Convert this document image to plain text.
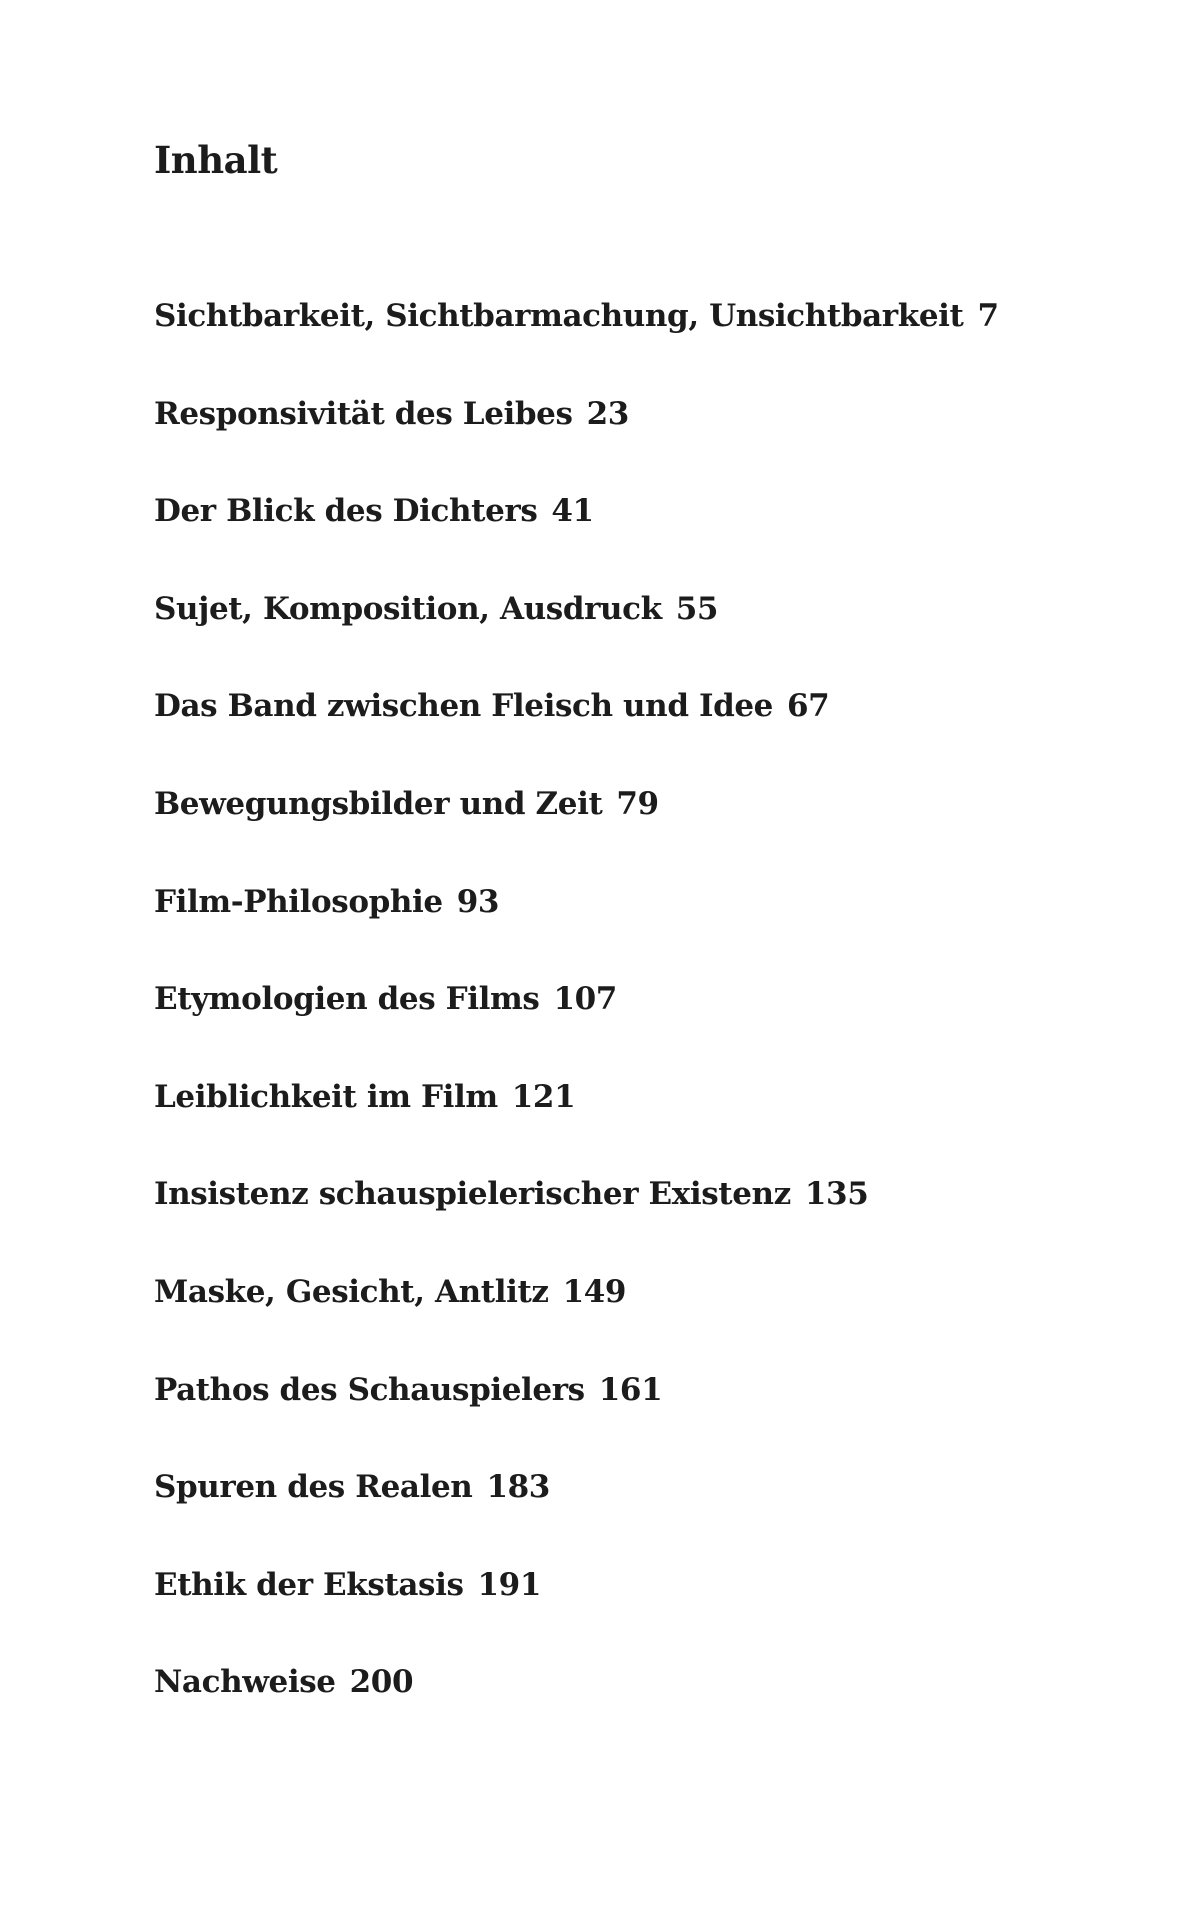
Inhalt
Sichtbarkeit, Sichtbarmachung, Unsichtbarkeit 7
Responsivität des Leibes 23
Der Blick des Dichters 41
Sujet, Komposition, Ausdruck 55
Das Band zwischen Fleisch und Idee 67
Bewegungsbilder und Zeit 79
Film-Philosophie 93
Etymologien des Films 107
Leiblichkeit im Film 121
Insistenz schauspielerischer Existenz 135
Maske, Gesicht, Antlitz 149
Pathos des Schauspielers 161
Spuren des Realen 183
Ethik der Ekstasis 191
Nachweise 200
